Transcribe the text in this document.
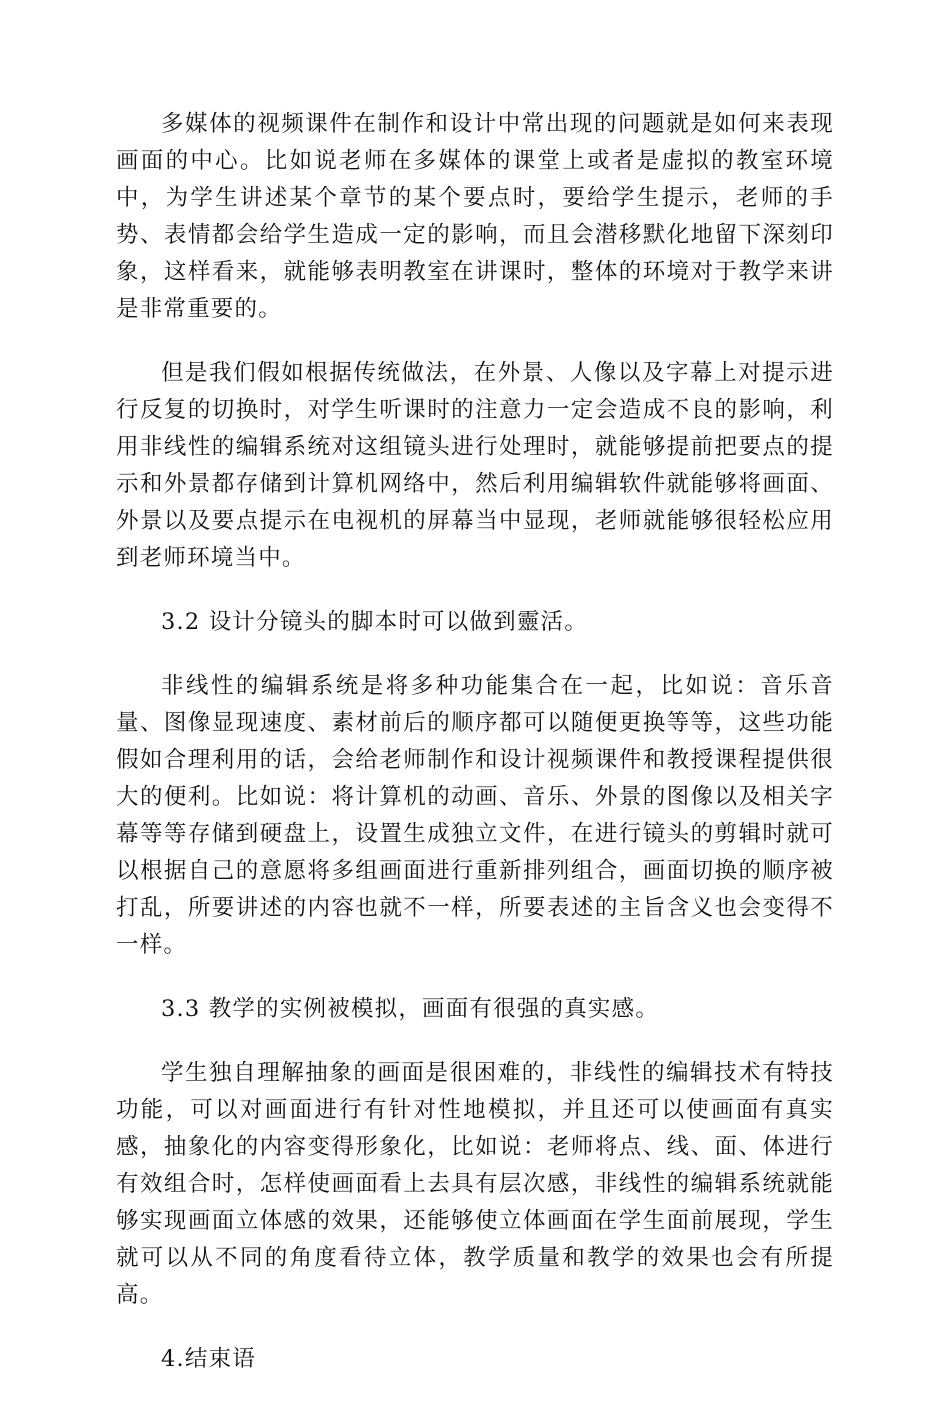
多媒体的视频课件在制作和设计中常出现的问题就是如何来表现画面的中心。比如说老师在多媒体的课堂上或者是虚拟的教室环境中，为学生讲述某个章节的某个要点时，要给学生提示，老师的手势、表情都会给学生造成一定的影响，而且会潜移默化地留下深刻印象，这样看来，就能够表明教室在讲课时，整体的环境对于教学来讲是非常重要的。

但是我们假如根据传统做法，在外景、人像以及字幕上对提示进行反复的切换时，对学生听课时的注意力一定会造成不良的影响，利用非线性的编辑系统对这组镜头进行处理时，就能够提前把要点的提示和外景都存储到计算机网络中，然后利用编辑软件就能够将画面、外景以及要点提示在电视机的屏幕当中显现，老师就能够很轻松应用到老师环境当中。

3.2 设计分镜头的脚本时可以做到靈活。

非线性的编辑系统是将多种功能集合在一起，比如说：音乐音量、图像显现速度、素材前后的顺序都可以随便更换等等，这些功能假如合理利用的话，会给老师制作和设计视频课件和教授课程提供很大的便利。比如说：将计算机的动画、音乐、外景的图像以及相关字幕等等存储到硬盘上，设置生成独立文件，在进行镜头的剪辑时就可以根据自己的意愿将多组画面进行重新排列组合，画面切换的顺序被打乱，所要讲述的内容也就不一样，所要表述的主旨含义也会变得不一样。

3.3 教学的实例被模拟，画面有很强的真实感。

学生独自理解抽象的画面是很困难的，非线性的编辑技术有特技功能，可以对画面进行有针对性地模拟，并且还可以使画面有真实感，抽象化的内容变得形象化，比如说：老师将点、线、面、体进行有效组合时，怎样使画面看上去具有层次感，非线性的编辑系统就能够实现画面立体感的效果，还能够使立体画面在学生面前展现，学生就可以从不同的角度看待立体，教学质量和教学的效果也会有所提高。

4.结束语
